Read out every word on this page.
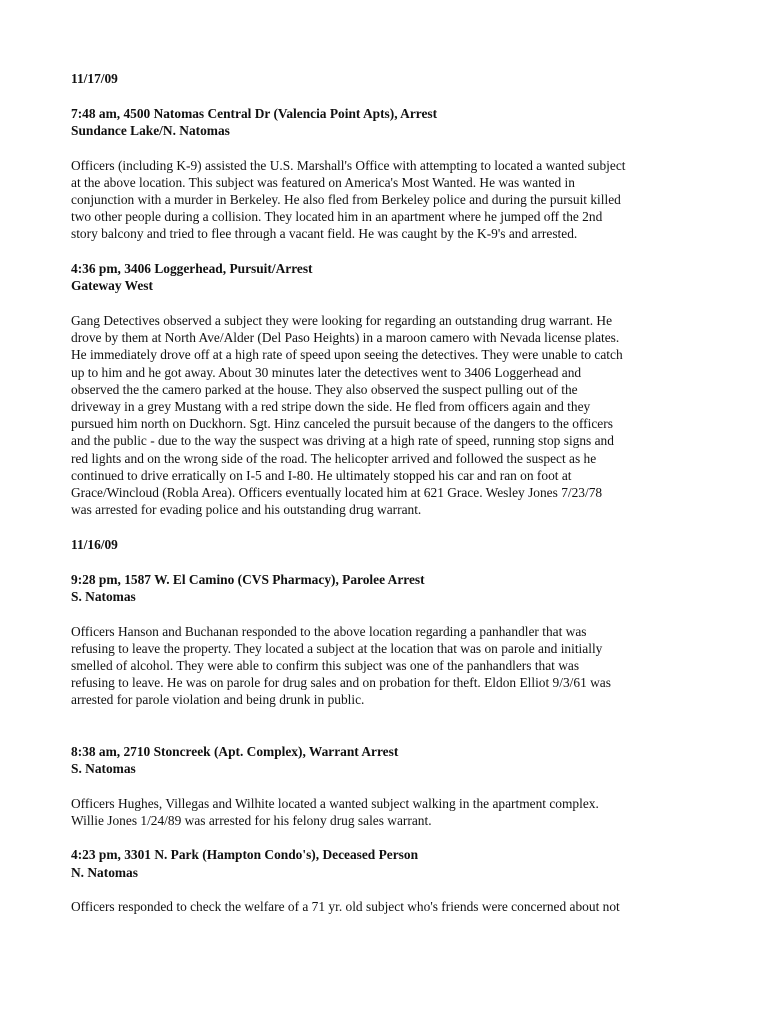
11/17/09
7:48 am, 4500 Natomas Central Dr (Valencia Point Apts), Arrest
Sundance Lake/N. Natomas
Officers (including K-9) assisted the U.S. Marshall's Office with attempting to located a wanted subject
at the above location. This subject was featured on America's Most Wanted. He was wanted in
conjunction with a murder in Berkeley. He also fled from Berkeley police and during the pursuit killed
two other people during a collision. They located him in an apartment where he jumped off the 2nd
story balcony and tried to flee through a vacant field. He was caught by the K-9's and arrested.
4:36 pm, 3406 Loggerhead, Pursuit/Arrest
Gateway West
Gang Detectives observed a subject they were looking for regarding an outstanding drug warrant. He
drove by them at North Ave/Alder (Del Paso Heights) in a maroon camero with Nevada license plates.
He immediately drove off at a high rate of speed upon seeing the detectives. They were unable to catch
up to him and he got away. About 30 minutes later the detectives went to 3406 Loggerhead and
observed the the camero parked at the house. They also observed the suspect pulling out of the
driveway in a grey Mustang with a red stripe down the side. He fled from officers again and they
pursued him north on Duckhorn. Sgt. Hinz canceled the pursuit because of the dangers to the officers
and the public - due to the way the suspect was driving at a high rate of speed, running stop signs and
red lights and on the wrong side of the road. The helicopter arrived and followed the suspect as he
continued to drive erratically on I-5 and I-80. He ultimately stopped his car and ran on foot at
Grace/Wincloud (Robla Area). Officers eventually located him at 621 Grace. Wesley Jones 7/23/78
was arrested for evading police and his outstanding drug warrant.
11/16/09
9:28 pm, 1587 W. El Camino (CVS Pharmacy), Parolee Arrest
S. Natomas
Officers Hanson and Buchanan responded to the above location regarding a panhandler that was
refusing to leave the property. They located a subject at the location that was on parole and initially
smelled of alcohol. They were able to confirm this subject was one of the panhandlers that was
refusing to leave. He was on parole for drug sales and on probation for theft. Eldon Elliot 9/3/61 was
arrested for parole violation and being drunk in public.
8:38 am, 2710 Stoncreek (Apt. Complex), Warrant Arrest
S. Natomas
Officers Hughes, Villegas and Wilhite located a wanted subject walking in the apartment complex.
Willie Jones 1/24/89 was arrested for his felony drug sales warrant.
4:23 pm, 3301 N. Park (Hampton Condo's), Deceased Person
N. Natomas
Officers responded to check the welfare of a 71 yr. old subject who's friends were concerned about not
